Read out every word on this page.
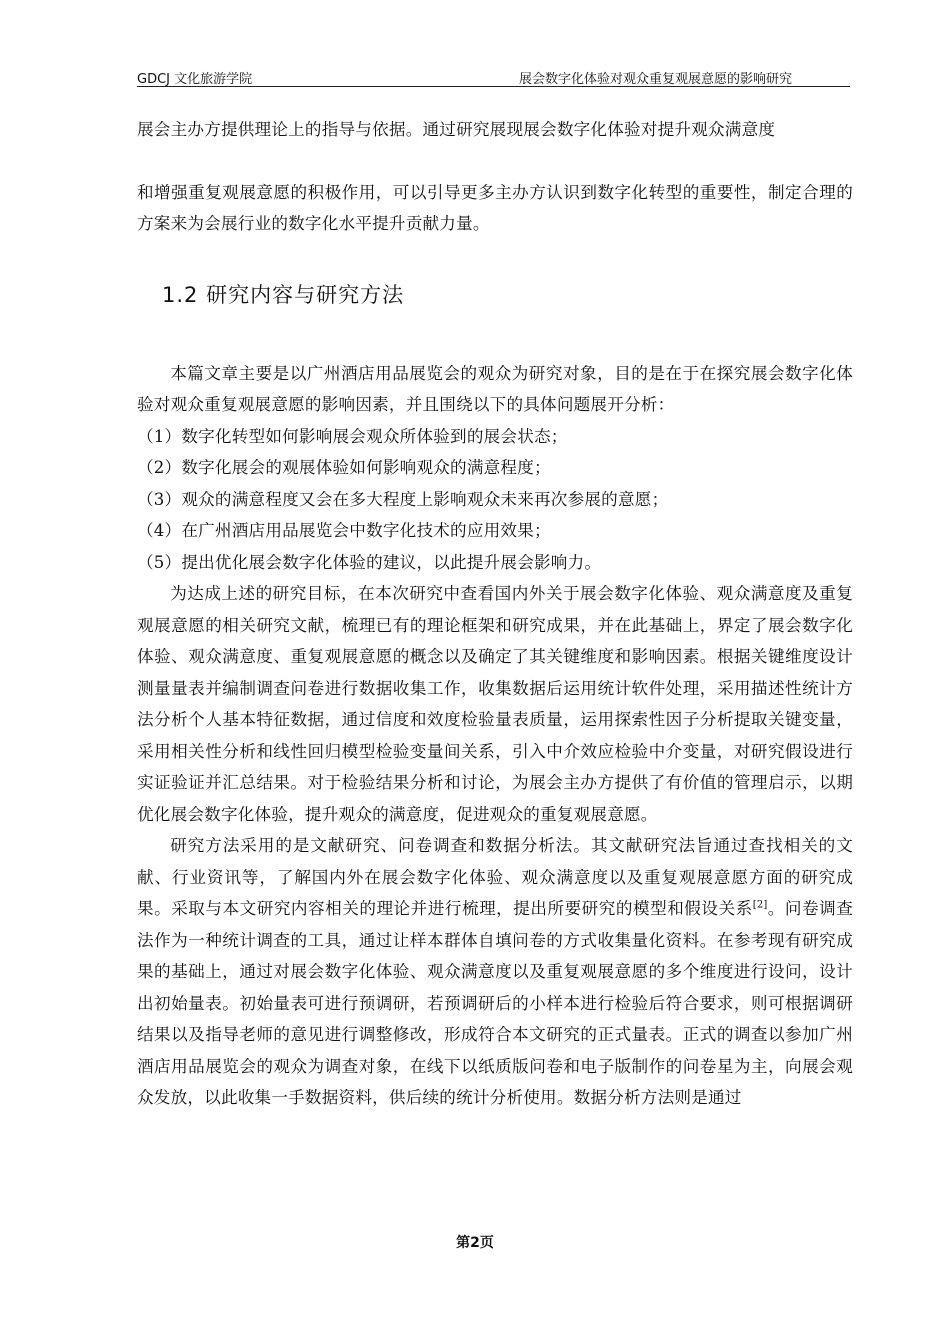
GDCJ 文化旅游学院	展会数字化体验对观众重复观展意愿的影响研究

展会主办方提供理论上的指导与依据。通过研究展现展会数字化体验对提升观众满意度

和增强重复观展意愿的积极作用，可以引导更多主办方认识到数字化转型的重要性，制定合理的方案来为会展行业的数字化水平提升贡献力量。

1.2 研究内容与研究方法

本篇文章主要是以广州酒店用品展览会的观众为研究对象，目的是在于在探究展会数字化体验对观众重复观展意愿的影响因素，并且围绕以下的具体问题展开分析：

（1）数字化转型如何影响展会观众所体验到的展会状态；

（2）数字化展会的观展体验如何影响观众的满意程度；

（3）观众的满意程度又会在多大程度上影响观众未来再次参展的意愿；

（4）在广州酒店用品展览会中数字化技术的应用效果；

（5）提出优化展会数字化体验的建议，以此提升展会影响力。

为达成上述的研究目标，在本次研究中查看国内外关于展会数字化体验、观众满意度及重复观展意愿的相关研究文献，梳理已有的理论框架和研究成果，并在此基础上，界定了展会数字化体验、观众满意度、重复观展意愿的概念以及确定了其关键维度和影响因素。根据关键维度设计测量量表并编制调查问卷进行数据收集工作，收集数据后运用统计软件处理，采用描述性统计方法分析个人基本特征数据，通过信度和效度检验量表质量，运用探索性因子分析提取关键变量，采用相关性分析和线性回归模型检验变量间关系，引入中介效应检验中介变量，对研究假设进行实证验证并汇总结果。对于检验结果分析和讨论，为展会主办方提供了有价值的管理启示，以期优化展会数字化体验，提升观众的满意度，促进观众的重复观展意愿。

研究方法采用的是文献研究、问卷调查和数据分析法。其文献研究法旨通过查找相关的文献、行业资讯等，了解国内外在展会数字化体验、观众满意度以及重复观展意愿方面的研究成果。采取与本文研究内容相关的理论并进行梳理，提出所要研究的模型和假设关系[2]。问卷调查法作为一种统计调查的工具，通过让样本群体自填问卷的方式收集量化资料。在参考现有研究成果的基础上，通过对展会数字化体验、观众满意度以及重复观展意愿的多个维度进行设问，设计出初始量表。初始量表可进行预调研，若预调研后的小样本进行检验后符合要求，则可根据调研结果以及指导老师的意见进行调整修改，形成符合本文研究的正式量表。正式的调查以参加广州酒店用品展览会的观众为调查对象，在线下以纸质版问卷和电子版制作的问卷星为主，向展会观众发放，以此收集一手数据资料，供后续的统计分析使用。数据分析方法则是通过

第2页
